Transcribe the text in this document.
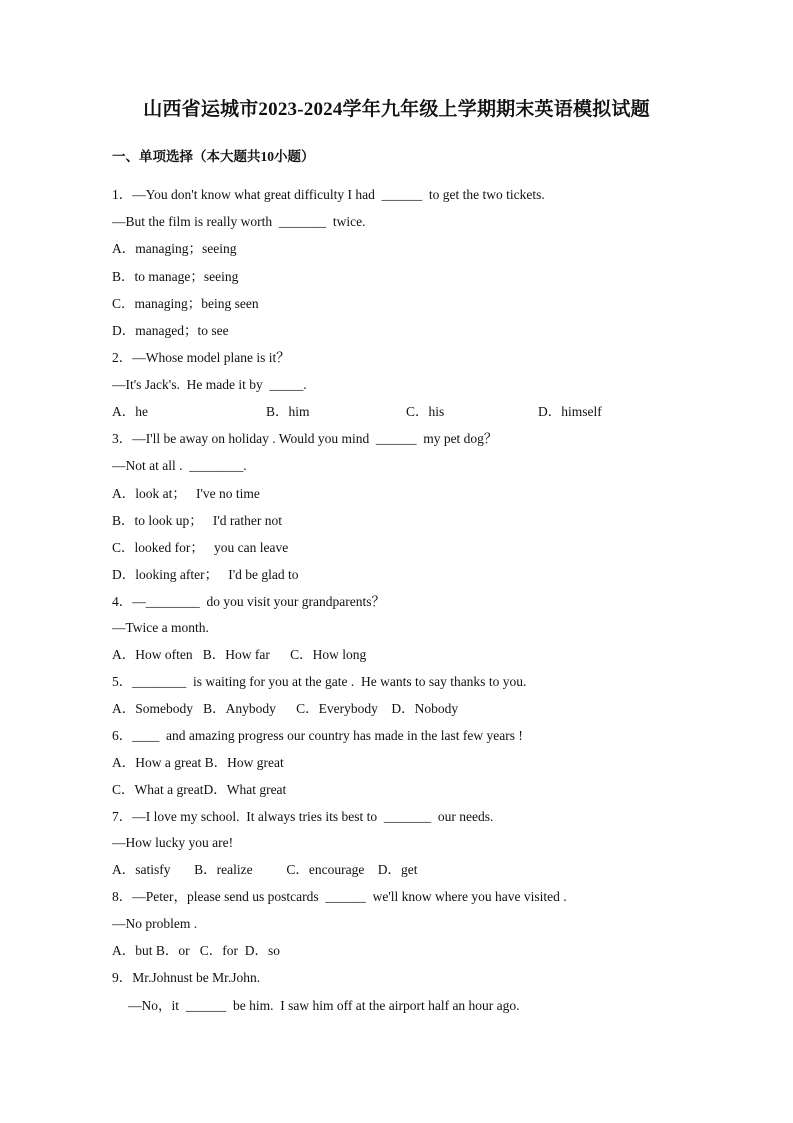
山西省运城市2023-2024学年九年级上学期期末英语模拟试题
一、单项选择（本大题共10小题）
1．—You don't know what great difficulty I had  ______  to get the two tickets.
—But the film is really worth  _______  twice.
A．managing；seeing
B．to manage；seeing
C．managing；being seen
D．managed；to see
2．—Whose model plane is it？
—It's Jack's.  He made it by  _____.
A．he	B．him	C．his	D．himself
3．—I'll be away on holiday . Would you mind  ______  my pet dog？
—Not at all .  ________.
A．look at；   I've no time
B．to look up；   I'd rather not
C．looked for；   you can leave
D．looking after；   I'd be glad to
4．—________  do you visit your grandparents？
—Twice a month.
A．How often   B．How far      C．How long
5．________  is waiting for you at the gate .  He wants to say thanks to you.
A．Somebody   B．Anybody      C．Everybody    D．Nobody
6．____  and amazing progress our country has made in the last few years !
A．How a great B．How great
C．What a greatD．What great
7．—I love my school.  It always tries its best to  _______  our needs.
—How lucky you are!
A．satisfy       B．realize          C．encourage    D．get
8．—Peter，please send us postcards  ______  we'll know where you have visited .
—No problem .
A．but B．or   C．for  D．so
9．Mr.Johnust be Mr.John.
—No，it  ______  be him.  I saw him off at the airport half an hour ago.
